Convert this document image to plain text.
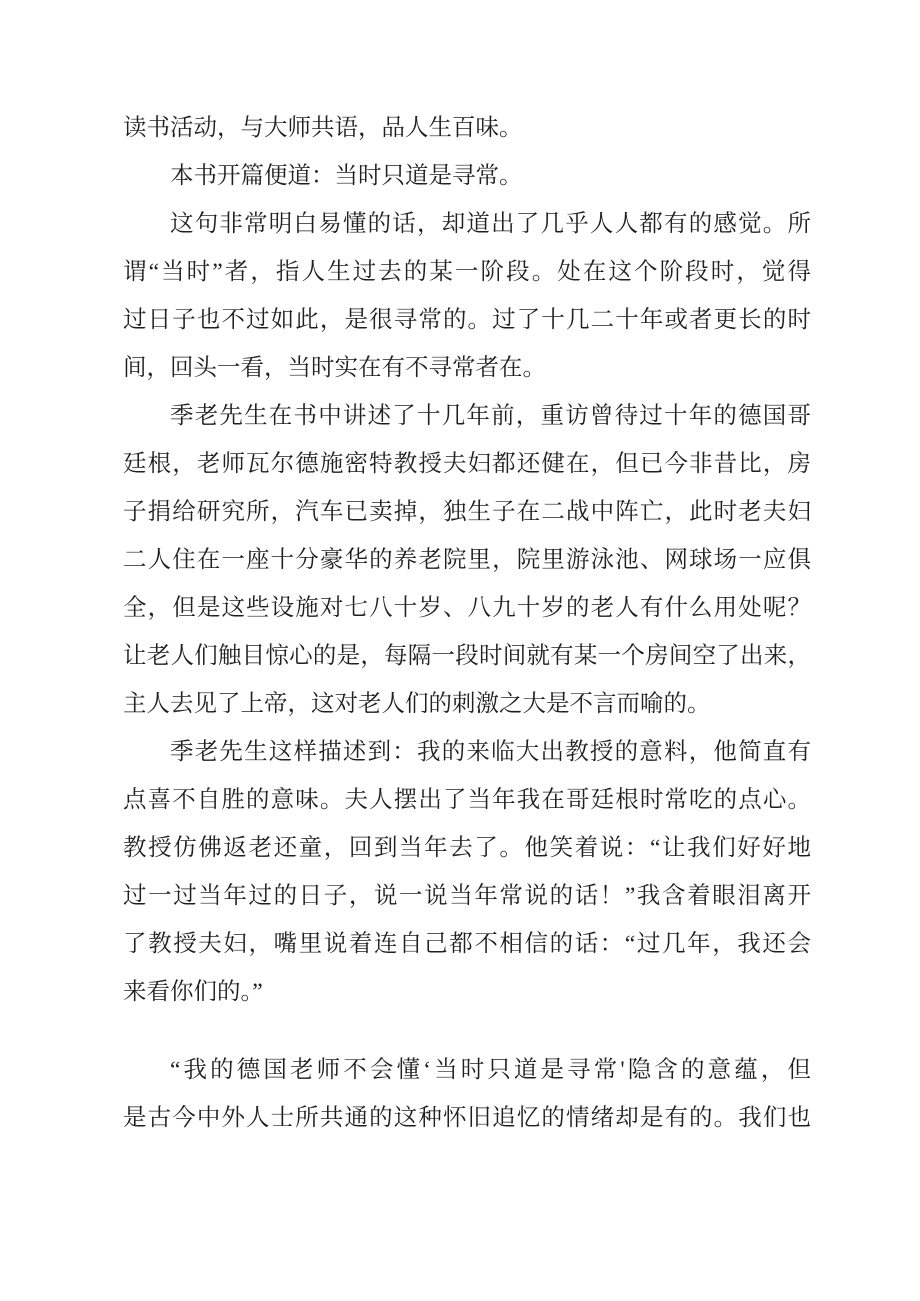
读书活动，与大师共语，品人生百味。
本书开篇便道：当时只道是寻常。
这句非常明白易懂的话，却道出了几乎人人都有的感觉。所
谓“当时”者，指人生过去的某一阶段。处在这个阶段时，觉得
过日子也不过如此，是很寻常的。过了十几二十年或者更长的时
间，回头一看，当时实在有不寻常者在。
季老先生在书中讲述了十几年前，重访曾待过十年的德国哥
廷根，老师瓦尔德施密特教授夫妇都还健在，但已今非昔比，房
子捐给研究所，汽车已卖掉，独生子在二战中阵亡，此时老夫妇
二人住在一座十分豪华的养老院里，院里游泳池、网球场一应俱
全，但是这些设施对七八十岁、八九十岁的老人有什么用处呢？
让老人们触目惊心的是，每隔一段时间就有某一个房间空了出来，
主人去见了上帝，这对老人们的刺激之大是不言而喻的。
季老先生这样描述到：我的来临大出教授的意料，他简直有
点喜不自胜的意味。夫人摆出了当年我在哥廷根时常吃的点心。
教授仿佛返老还童，回到当年去了。他笑着说：“让我们好好地
过一过当年过的日子，说一说当年常说的话！”我含着眼泪离开
了教授夫妇，嘴里说着连自己都不相信的话：“过几年，我还会
来看你们的。”
“我的德国老师不会懂‘当时只道是寻常'隐含的意蕴，但
是古今中外人士所共通的这种怀旧追忆的情绪却是有的。我们也
